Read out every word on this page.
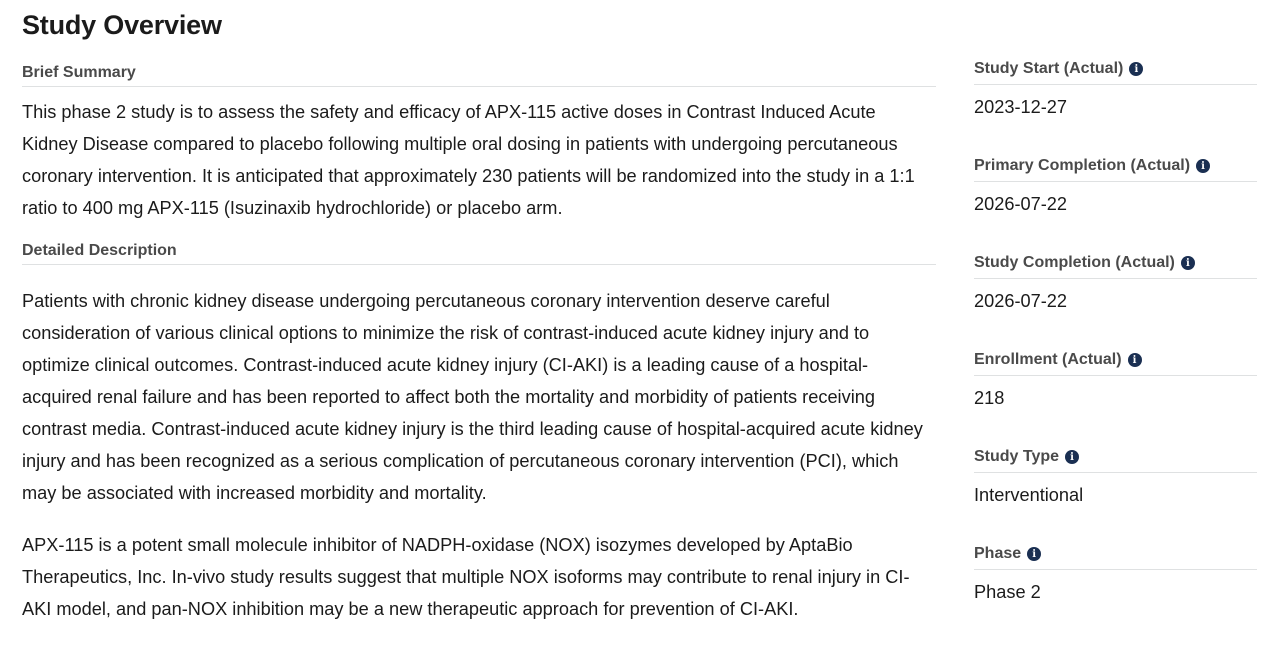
Study Overview
Brief Summary

This phase 2 study is to assess the safety and efficacy of APX-115 active doses in Contrast Induced Acute Kidney Disease compared to placebo following multiple oral dosing in patients with undergoing percutaneous coronary intervention. It is anticipated that approximately 230 patients will be randomized into the study in a 1:1 ratio to 400 mg APX-115 (Isuzinaxib hydrochloride) or placebo arm.

Detailed Description

Patients with chronic kidney disease undergoing percutaneous coronary intervention deserve careful consideration of various clinical options to minimize the risk of contrast-induced acute kidney injury and to optimize clinical outcomes. Contrast-induced acute kidney injury (CI-AKI) is a leading cause of a hospital-acquired renal failure and has been reported to affect both the mortality and morbidity of patients receiving contrast media. Contrast-induced acute kidney injury is the third leading cause of hospital-acquired acute kidney injury and has been recognized as a serious complication of percutaneous coronary intervention (PCI), which may be associated with increased morbidity and mortality.

APX-115 is a potent small molecule inhibitor of NADPH-oxidase (NOX) isozymes developed by AptaBio Therapeutics, Inc. In-vivo study results suggest that multiple NOX isoforms may contribute to renal injury in CI-AKI model, and pan-NOX inhibition may be a new therapeutic approach for prevention of CI-AKI.

Study Start (Actual)	i
2023-12-27
Primary Completion (Actual)	i
2026-07-22
Study Completion (Actual)	i
2026-07-22
Enrollment (Actual)	i
218
Study Type	i
Interventional
Phase	i
Phase 2
